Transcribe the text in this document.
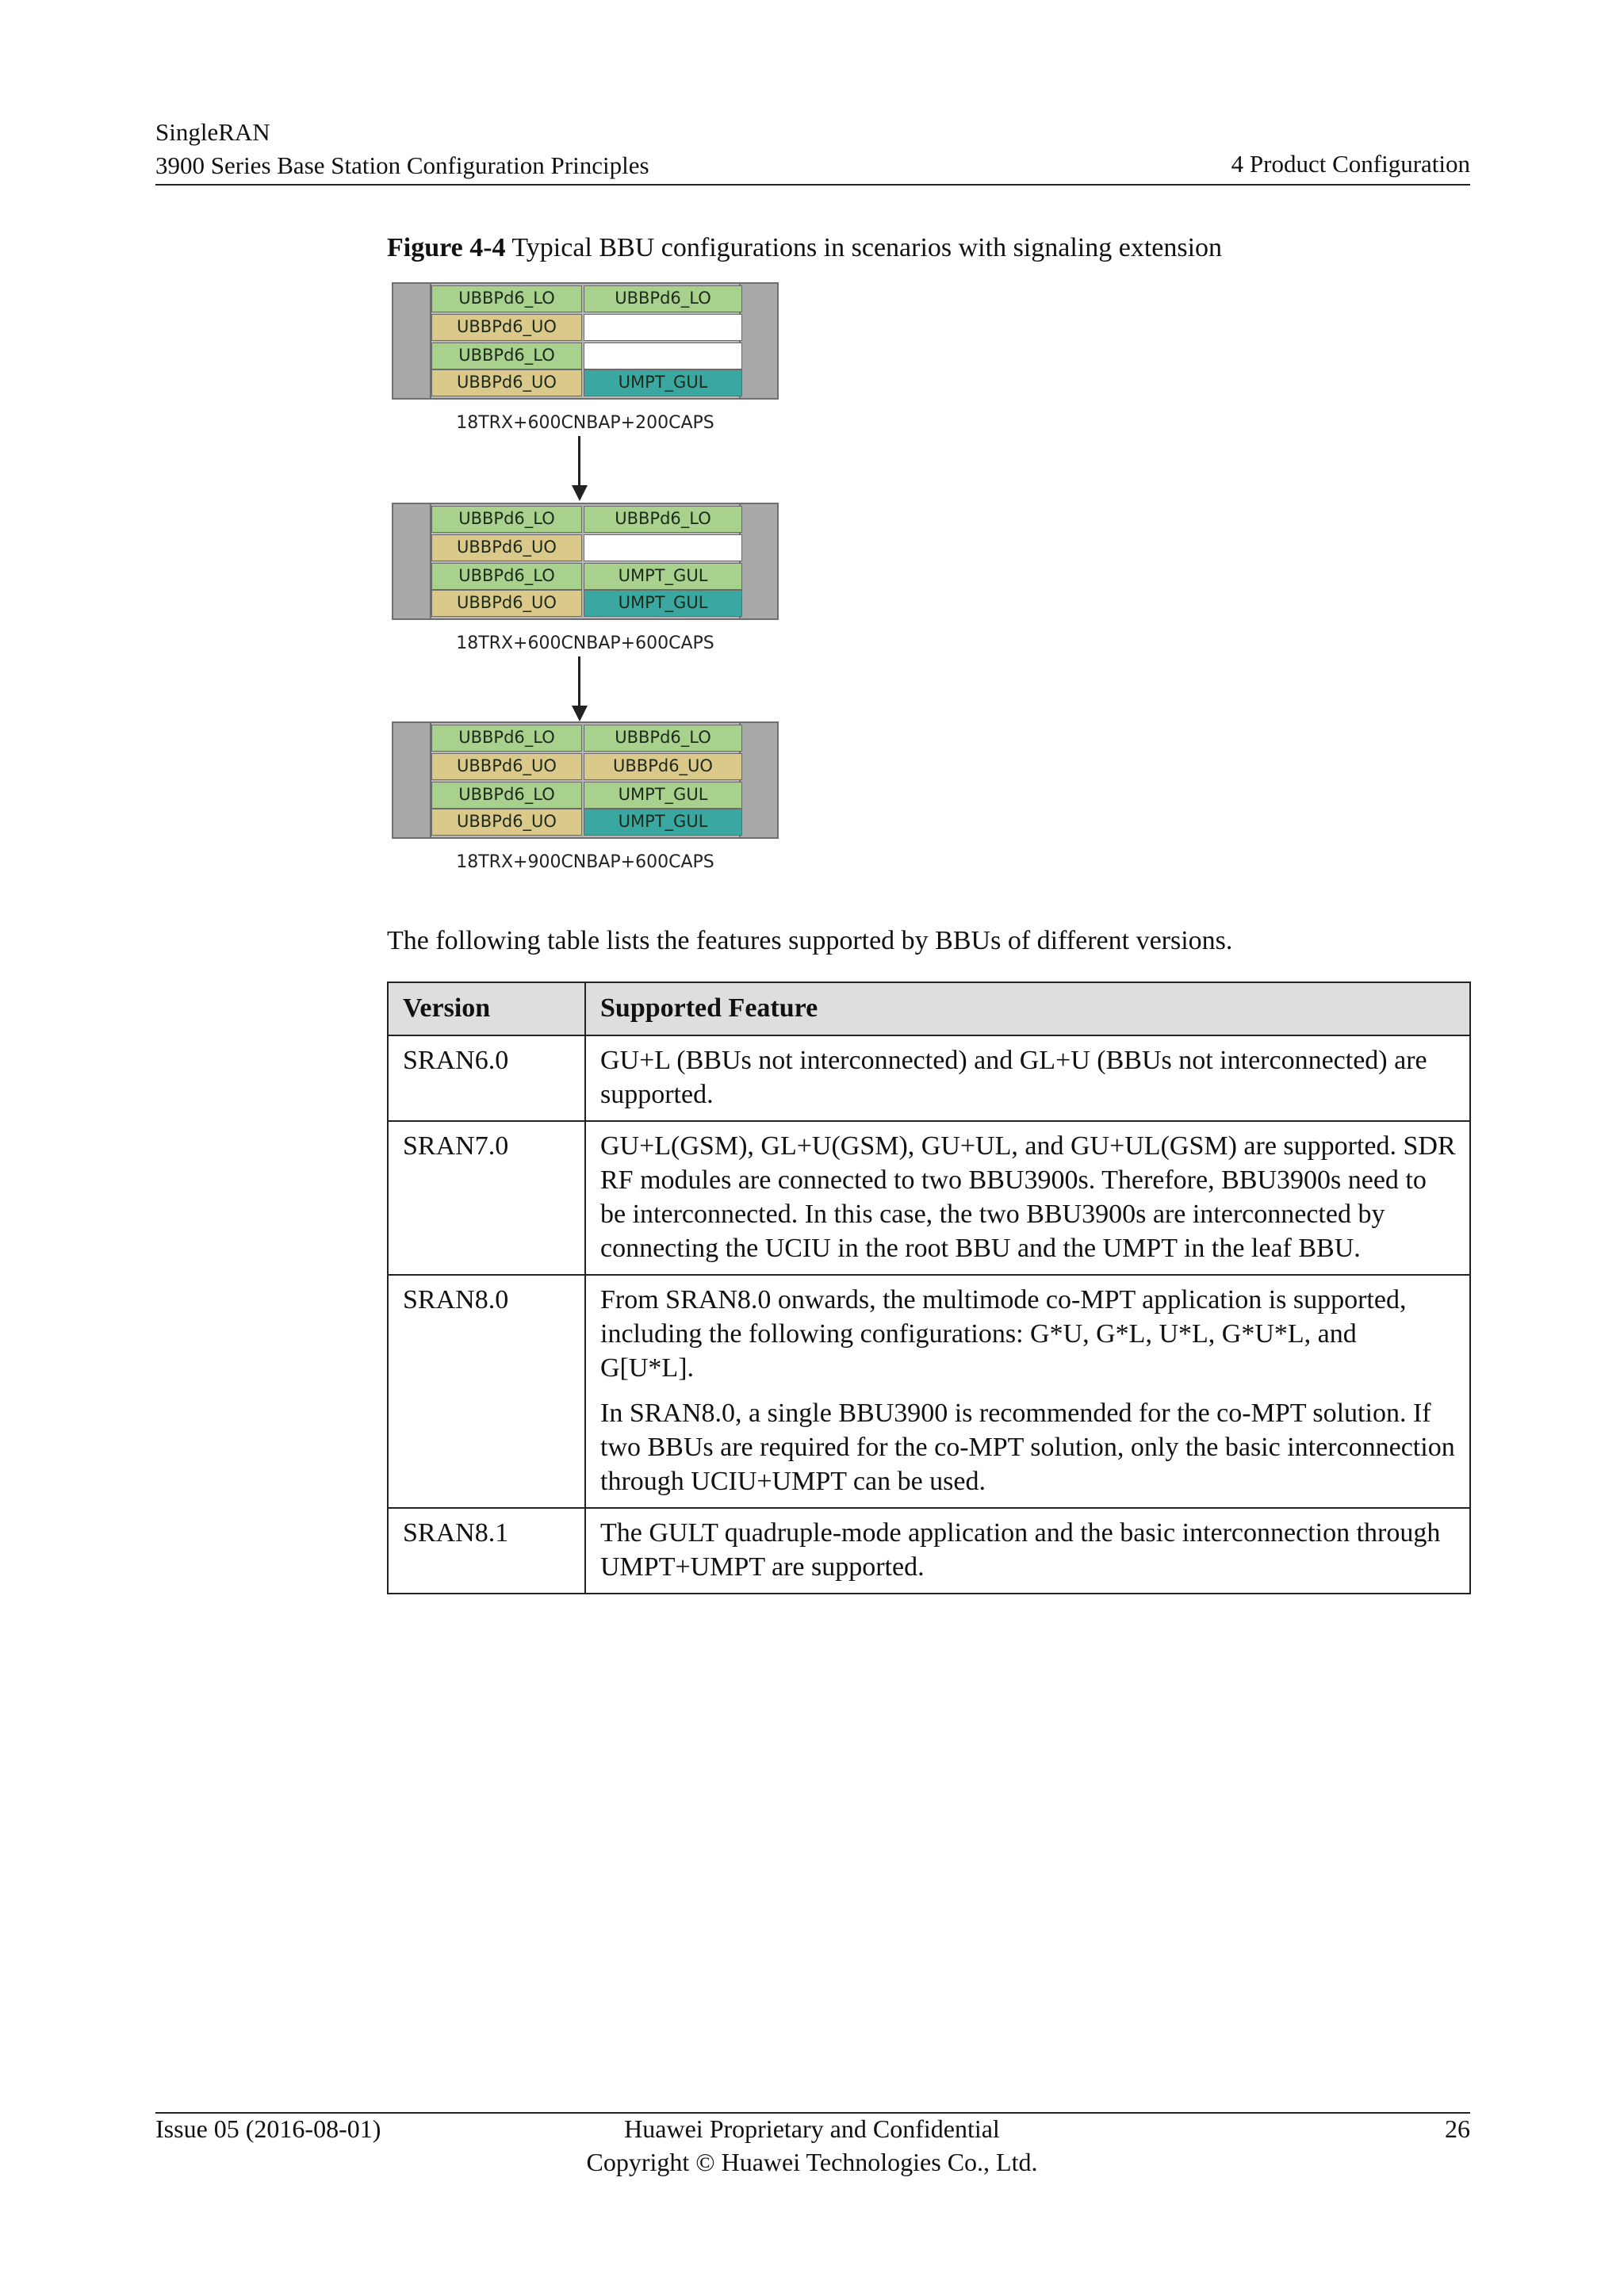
SingleRAN
3900 Series Base Station Configuration Principles	4 Product Configuration
Figure 4-4 Typical BBU configurations in scenarios with signaling extension
UBBPd6_LO	UBBPd6_LO
UBBPd6_UO
UBBPd6_LO
UBBPd6_UO	UMPT_GUL
18TRX+600CNBAP+200CAPS
UBBPd6_LO	UBBPd6_LO
UBBPd6_UO
UBBPd6_LO	UMPT_GUL
UBBPd6_UO	UMPT_GUL
18TRX+600CNBAP+600CAPS
UBBPd6_LO	UBBPd6_LO
UBBPd6_UO	UBBPd6_UO
UBBPd6_LO	UMPT_GUL
UBBPd6_UO	UMPT_GUL
18TRX+900CNBAP+600CAPS
The following table lists the features supported by BBUs of different versions.
Version	Supported Feature
SRAN6.0	GU+L (BBUs not interconnected) and GL+U (BBUs not interconnected) are supported.

SRAN7.0	GU+L(GSM), GL+U(GSM), GU+UL, and GU+UL(GSM) are supported. SDR RF modules are connected to two BBU3900s. Therefore, BBU3900s need to be interconnected. In this case, the two BBU3900s are interconnected by connecting the UCIU in the root BBU and the UMPT in the leaf BBU.

SRAN8.0	From SRAN8.0 onwards, the multimode co-MPT application is supported, including the following configurations: G*U, G*L, U*L, G*U*L, and G[U*L].

In SRAN8.0, a single BBU3900 is recommended for the co-MPT solution. If two BBUs are required for the co-MPT solution, only the basic interconnection through UCIU+UMPT can be used.

SRAN8.1	The GULT quadruple-mode application and the basic interconnection through UMPT+UMPT are supported.

Issue 05 (2016-08-01)	Huawei Proprietary and Confidential
Copyright © Huawei Technologies Co., Ltd.
26
